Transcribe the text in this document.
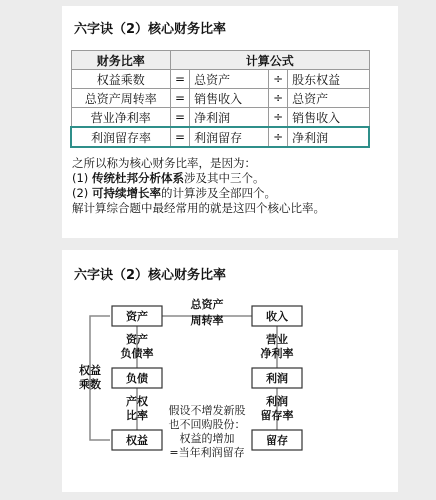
六字诀（2）核心财务比率
财务比率	计算公式			
权益乘数	=	总资产	÷	股东权益
总资产周转率	=	销售收入	÷	总资产
营业净利率	=	净利润	÷	销售收入
利润留存率	=	利润留存	÷	净利润
之所以称为核心财务比率，是因为：
(1) 传统杜邦分析体系涉及其中三个。
(2) 可持续增长率的计算涉及全部四个。
解计算综合题中最经常用的就是这四个核心比率。
六字诀（2）核心财务比率
资产	收入
负债	利润
权益	留存
总资产
周转率
资产
负债率
营业
净利率
权益
乘数
产权
比率
利润
留存率
假设不增发新股
也不回购股份：
权益的增加
=当年利润留存
